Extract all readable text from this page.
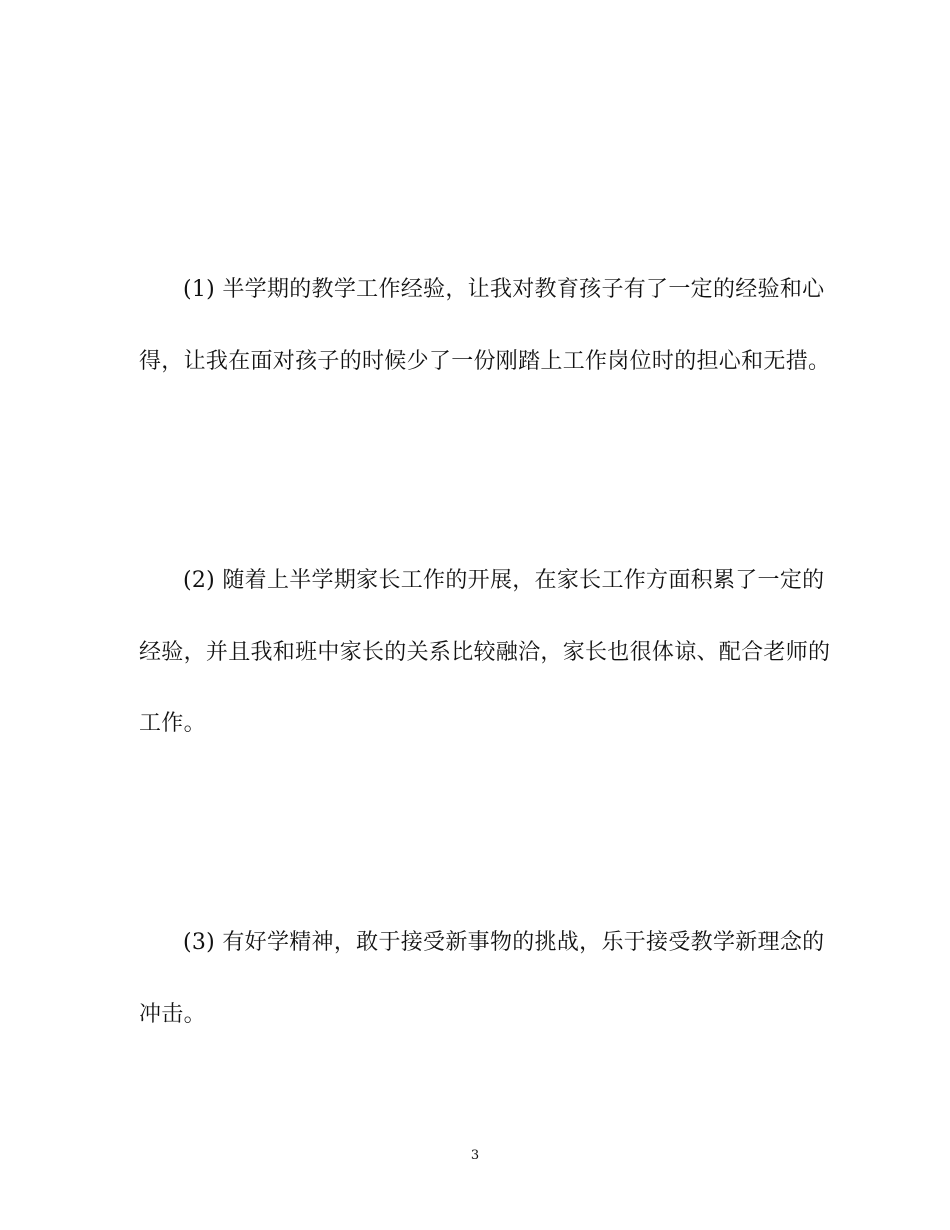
(1) 半学期的教学工作经验，让我对教育孩子有了一定的经验和心
得，让我在面对孩子的时候少了一份刚踏上工作岗位时的担心和无措。
(2) 随着上半学期家长工作的开展，在家长工作方面积累了一定的
经验，并且我和班中家长的关系比较融洽，家长也很体谅、配合老师的
工作。
(3) 有好学精神，敢于接受新事物的挑战，乐于接受教学新理念的
冲击。
3
